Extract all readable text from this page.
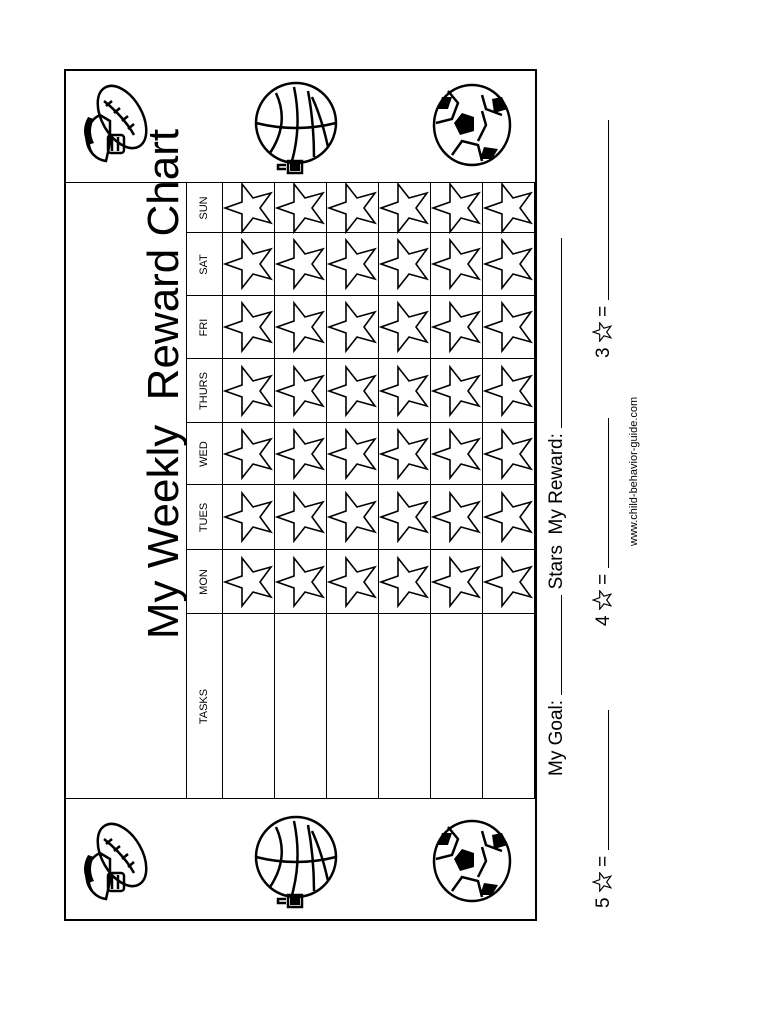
My Weekly  Reward Chart
TASKS
MON
TUES
WED
THURS
FRI
SAT
SUN
My Goal:  Stars  My Reward:
5  =
4  =
3  =
www.child-behavior-guide.com
